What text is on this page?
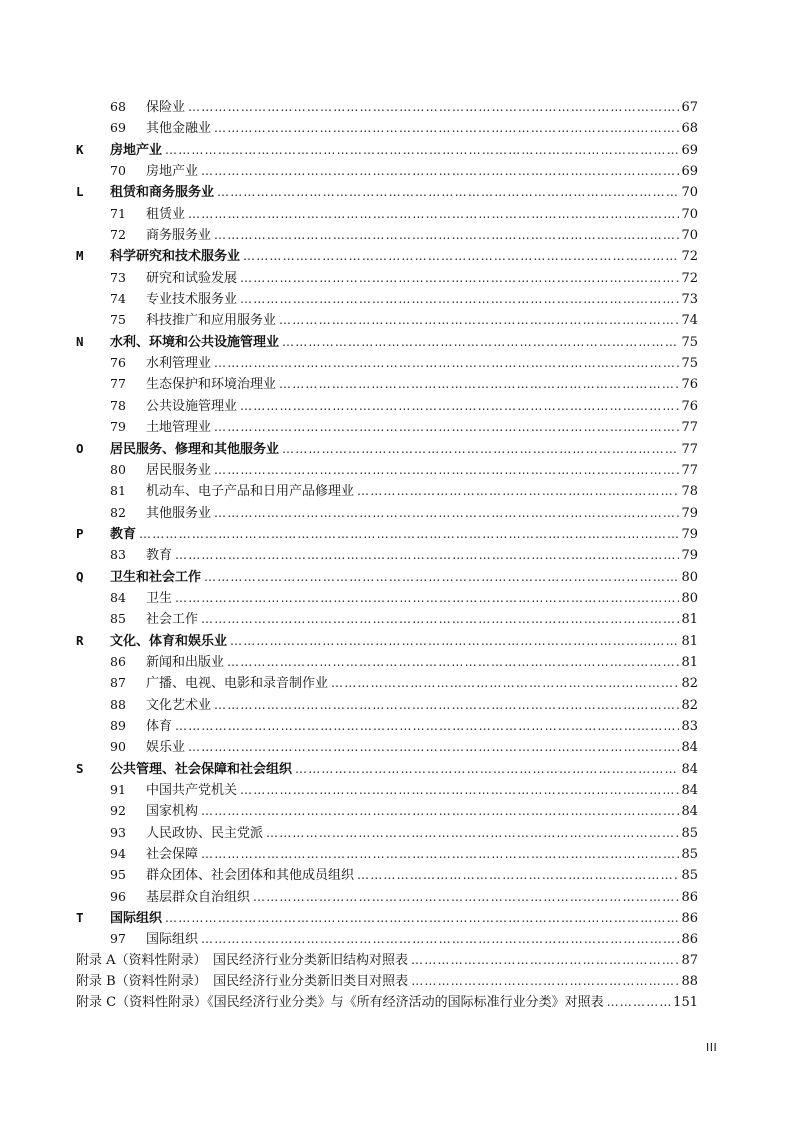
68	保险业 ……………………………………………………………………………………………………………………………………………………………………………………………………………	67
69	其他金融业 ……………………………………………………………………………………………………………………………………………………………………………………………………………	68
K	房地产业 ……………………………………………………………………………………………………………………………………………………………………………………………………………	69
70	房地产业 ……………………………………………………………………………………………………………………………………………………………………………………………………………	69
L	租赁和商务服务业 ……………………………………………………………………………………………………………………………………………………………………………………………………………	70
71	租赁业 ……………………………………………………………………………………………………………………………………………………………………………………………………………	70
72	商务服务业 ……………………………………………………………………………………………………………………………………………………………………………………………………………	70
M	科学研究和技术服务业 ……………………………………………………………………………………………………………………………………………………………………………………………………………	72
73	研究和试验发展 ……………………………………………………………………………………………………………………………………………………………………………………………………………	72
74	专业技术服务业 ……………………………………………………………………………………………………………………………………………………………………………………………………………	73
75	科技推广和应用服务业 ……………………………………………………………………………………………………………………………………………………………………………………………………………	74
N	水利、环境和公共设施管理业 ……………………………………………………………………………………………………………………………………………………………………………………………………………	75
76	水利管理业 ……………………………………………………………………………………………………………………………………………………………………………………………………………	75
77	生态保护和环境治理业 ……………………………………………………………………………………………………………………………………………………………………………………………………………	76
78	公共设施管理业 ……………………………………………………………………………………………………………………………………………………………………………………………………………	76
79	土地管理业 ……………………………………………………………………………………………………………………………………………………………………………………………………………	77
O	居民服务、修理和其他服务业 ……………………………………………………………………………………………………………………………………………………………………………………………………………	77
80	居民服务业 ……………………………………………………………………………………………………………………………………………………………………………………………………………	77
81	机动车、电子产品和日用产品修理业 ……………………………………………………………………………………………………………………………………………………………………………………………………………	78
82	其他服务业 ……………………………………………………………………………………………………………………………………………………………………………………………………………	79
P	教育 ……………………………………………………………………………………………………………………………………………………………………………………………………………	79
83	教育 ……………………………………………………………………………………………………………………………………………………………………………………………………………	79
Q	卫生和社会工作 ……………………………………………………………………………………………………………………………………………………………………………………………………………	80
84	卫生 ……………………………………………………………………………………………………………………………………………………………………………………………………………	80
85	社会工作 ……………………………………………………………………………………………………………………………………………………………………………………………………………	81
R	文化、体育和娱乐业 ……………………………………………………………………………………………………………………………………………………………………………………………………………	81
86	新闻和出版业 ……………………………………………………………………………………………………………………………………………………………………………………………………………	81
87	广播、电视、电影和录音制作业 ……………………………………………………………………………………………………………………………………………………………………………………………………………	82
88	文化艺术业 ……………………………………………………………………………………………………………………………………………………………………………………………………………	82
89	体育 ……………………………………………………………………………………………………………………………………………………………………………………………………………	83
90	娱乐业 ……………………………………………………………………………………………………………………………………………………………………………………………………………	84
S	公共管理、社会保障和社会组织 ……………………………………………………………………………………………………………………………………………………………………………………………………………	84
91	中国共产党机关 ……………………………………………………………………………………………………………………………………………………………………………………………………………	84
92	国家机构 ……………………………………………………………………………………………………………………………………………………………………………………………………………	84
93	人民政协、民主党派 ……………………………………………………………………………………………………………………………………………………………………………………………………………	85
94	社会保障 ……………………………………………………………………………………………………………………………………………………………………………………………………………	85
95	群众团体、社会团体和其他成员组织 ……………………………………………………………………………………………………………………………………………………………………………………………………………	85
96	基层群众自治组织 ……………………………………………………………………………………………………………………………………………………………………………………………………………	86
T	国际组织 ……………………………………………………………………………………………………………………………………………………………………………………………………………	86
97	国际组织 ……………………………………………………………………………………………………………………………………………………………………………………………………………	86
附录 A（资料性附录）　国民经济行业分类新旧结构对照表 ……………………………………………………………………………………………………………………………………………………………………………………………………………	87
附录 B（资料性附录）　国民经济行业分类新旧类目对照表 ……………………………………………………………………………………………………………………………………………………………………………………………………………	88
附录 C（资料性附录）《国民经济行业分类》与《所有经济活动的国际标准行业分类》对照表 ……………………………………………………………………………………………………………………………………………………………………………………………………………	151
III
